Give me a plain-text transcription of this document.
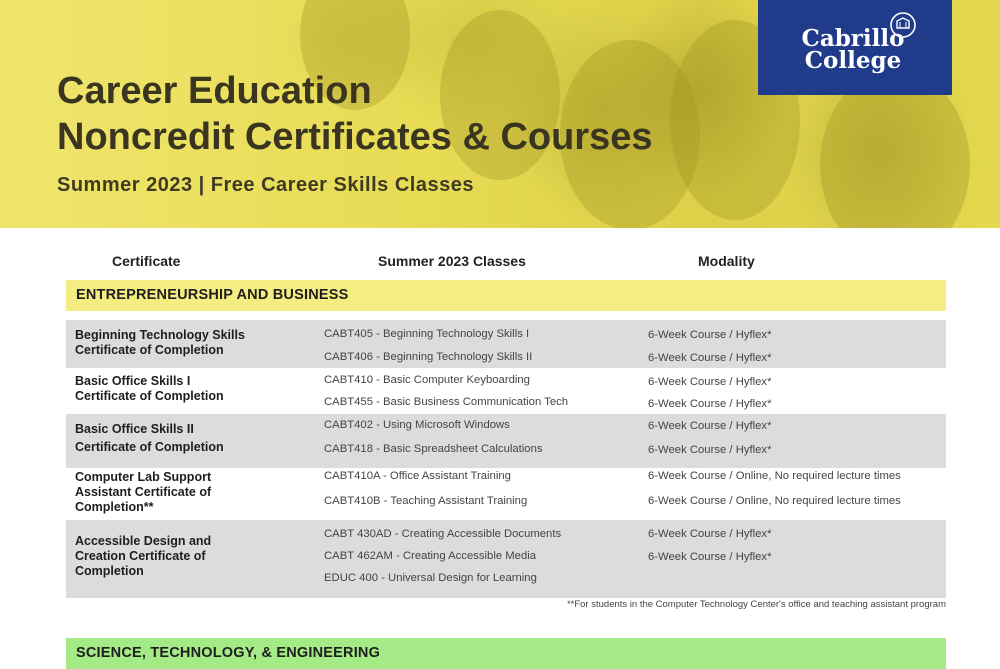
Career Education
Noncredit Certificates & Courses
Summer 2023 | Free Career Skills Classes
Cabrillo
College
Certificate	Summer 2023 Classes	Modality
ENTREPRENEURSHIP AND BUSINESS
Beginning Technology Skills
Certificate of Completion
CABT405 - Beginning Technology Skills I
CABT406 - Beginning Technology Skills II
6-Week Course / Hyflex*
6-Week Course / Hyflex*
Basic Office Skills I
Certificate of Completion
CABT410 - Basic Computer Keyboarding
CABT455 - Basic Business Communication Tech
6-Week Course / Hyflex*
6-Week Course / Hyflex*
Basic Office Skills II
Certificate of Completion
CABT402 - Using Microsoft Windows
CABT418 - Basic Spreadsheet Calculations
6-Week Course / Hyflex*
6-Week Course / Hyflex*
Computer Lab Support
Assistant Certificate of
Completion**
CABT410A - Office Assistant Training
CABT410B - Teaching Assistant Training
6-Week Course / Online, No required lecture times
6-Week Course / Online, No required lecture times
Accessible Design and
Creation Certificate of
Completion
CABT 430AD - Creating Accessible Documents
CABT 462AM - Creating Accessible Media
EDUC 400 - Universal Design for Learning
6-Week Course / Hyflex*
6-Week Course / Hyflex*
**For students in the Computer Technology Center's office and teaching assistant program
SCIENCE, TECHNOLOGY, & ENGINEERING
